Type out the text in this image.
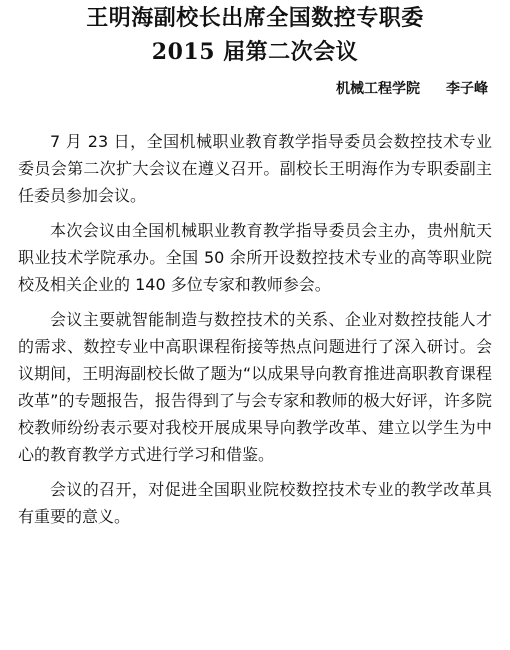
王明海副校长出席全国数控专职委
2015 届第二次会议
机械工程学院 李子峰

7 月 23 日，全国机械职业教育教学指导委员会数控技术专业委员会第二次扩大会议在遵义召开。副校长王明海作为专职委副主任委员参加会议。

本次会议由全国机械职业教育教学指导委员会主办，贵州航天职业技术学院承办。全国 50 余所开设数控技术专业的高等职业院校及相关企业的 140 多位专家和教师参会。

会议主要就智能制造与数控技术的关系、企业对数控技能人才的需求、数控专业中高职课程衔接等热点问题进行了深入研讨。会议期间，王明海副校长做了题为“以成果导向教育推进高职教育课程改革”的专题报告，报告得到了与会专家和教师的极大好评，许多院校教师纷纷表示要对我校开展成果导向教学改革、建立以学生为中心的教育教学方式进行学习和借鉴。

会议的召开，对促进全国职业院校数控技术专业的教学改革具有重要的意义。
